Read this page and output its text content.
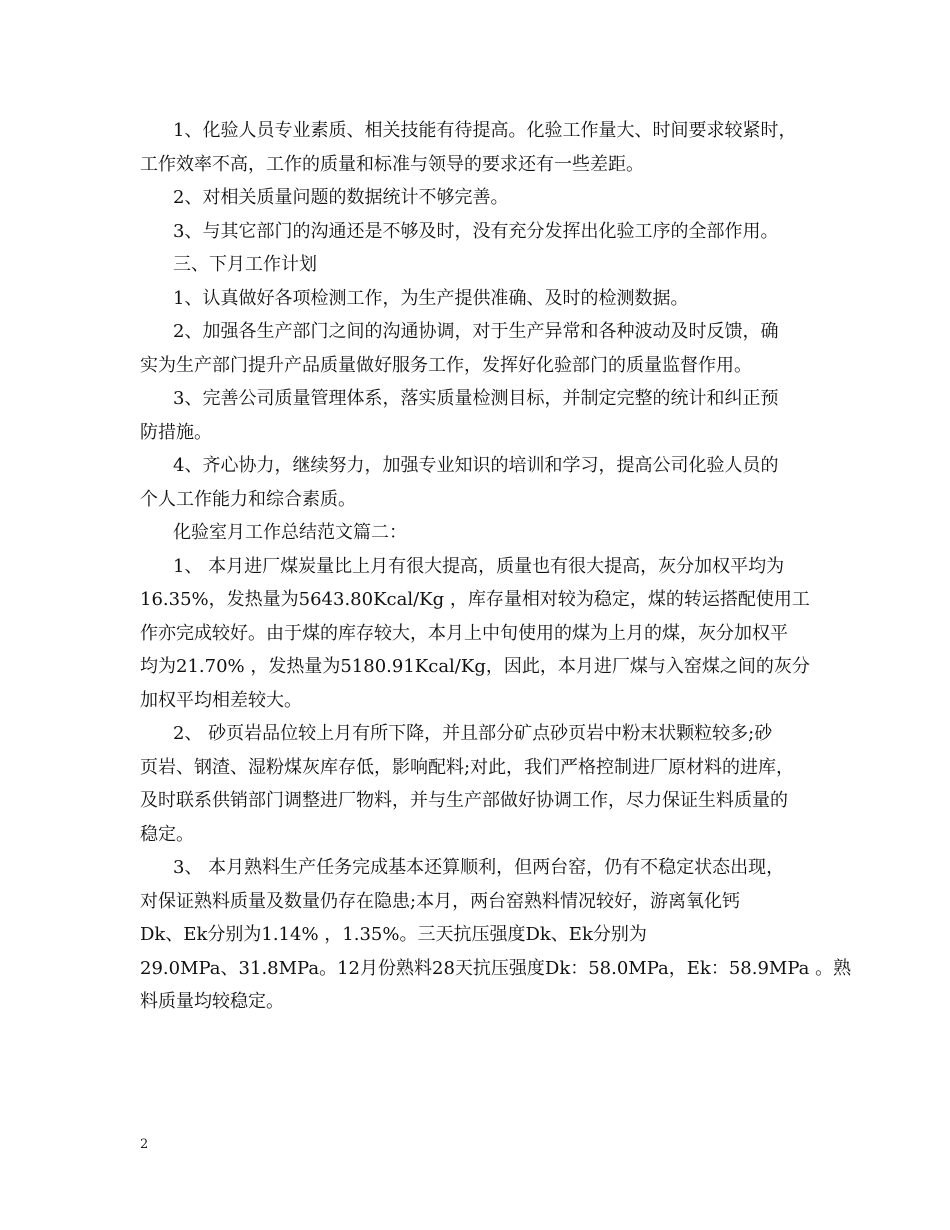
1、化验人员专业素质、相关技能有待提高。化验工作量大、时间要求较紧时，
工作效率不高，工作的质量和标准与领导的要求还有一些差距。

2、对相关质量问题的数据统计不够完善。

3、与其它部门的沟通还是不够及时，没有充分发挥出化验工序的全部作用。

三、下月工作计划

1、认真做好各项检测工作，为生产提供准确、及时的检测数据。

2、加强各生产部门之间的沟通协调，对于生产异常和各种波动及时反馈，确
实为生产部门提升产品质量做好服务工作，发挥好化验部门的质量监督作用。

3、完善公司质量管理体系，落实质量检测目标，并制定完整的统计和纠正预
防措施。

4、齐心协力，继续努力，加强专业知识的培训和学习，提高公司化验人员的
个人工作能力和综合素质。

化验室月工作总结范文篇二：

1、 本月进厂煤炭量比上月有很大提高，质量也有很大提高，灰分加权平均为
16.35%，发热量为5643.80Kcal/Kg ，库存量相对较为稳定，煤的转运搭配使用工
作亦完成较好。由于煤的库存较大，本月上中旬使用的煤为上月的煤，灰分加权平
均为21.70% ，发热量为5180.91Kcal/Kg，因此，本月进厂煤与入窑煤之间的灰分
加权平均相差较大。

2、 砂页岩品位较上月有所下降，并且部分矿点砂页岩中粉末状颗粒较多;砂
页岩、钢渣、湿粉煤灰库存低，影响配料;对此，我们严格控制进厂原材料的进库，
及时联系供销部门调整进厂物料，并与生产部做好协调工作，尽力保证生料质量的
稳定。

3、 本月熟料生产任务完成基本还算顺利，但两台窑，仍有不稳定状态出现，
对保证熟料质量及数量仍存在隐患;本月，两台窑熟料情况较好，游离氧化钙
Dk、Ek分别为1.14% ，1.35%。三天抗压强度Dk、Ek分别为
29.0MPa、31.8MPa。12月份熟料28天抗压强度Dk：58.0MPa，Ek：58.9MPa 。熟
料质量均较稳定。

2
